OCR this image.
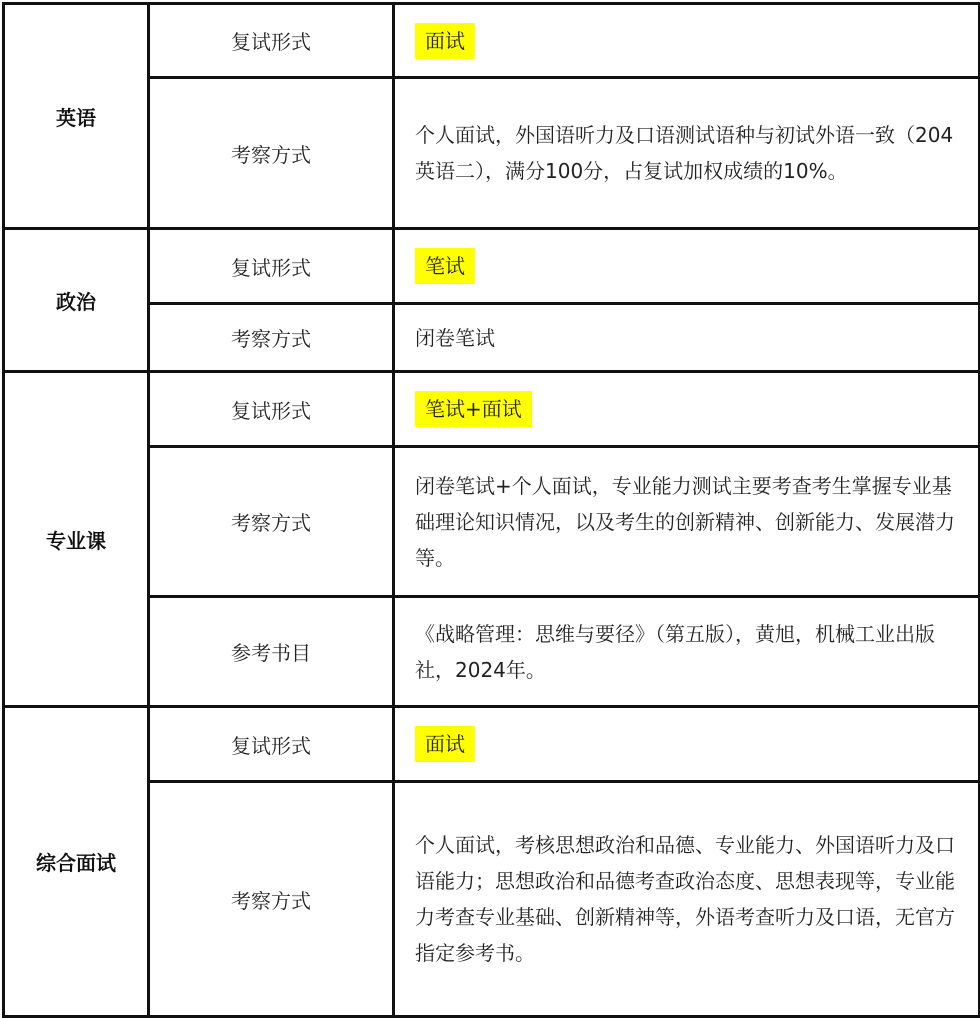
英语	复试形式	面试
	考察方式	个人面试，外国语听力及口语测试语种与初试外语一致（204英语二），满分100分，占复试加权成绩的10%。

政治	复试形式	笔试
	考察方式	闭卷笔试

专业课	复试形式	笔试+面试
	考察方式	闭卷笔试+个人面试，专业能力测试主要考查考生掌握专业基础理论知识情况，以及考生的创新精神、创新能力、发展潜力等。

	参考书目	《战略管理：思维与要径》（第五版），黄旭，机械工业出版社，2024年。

综合面试	复试形式	面试
	考察方式	个人面试，考核思想政治和品德、专业能力、外国语听力及口语能力；思想政治和品德考查政治态度、思想表现等，专业能力考查专业基础、创新精神等，外语考查听力及口语，无官方指定参考书。
